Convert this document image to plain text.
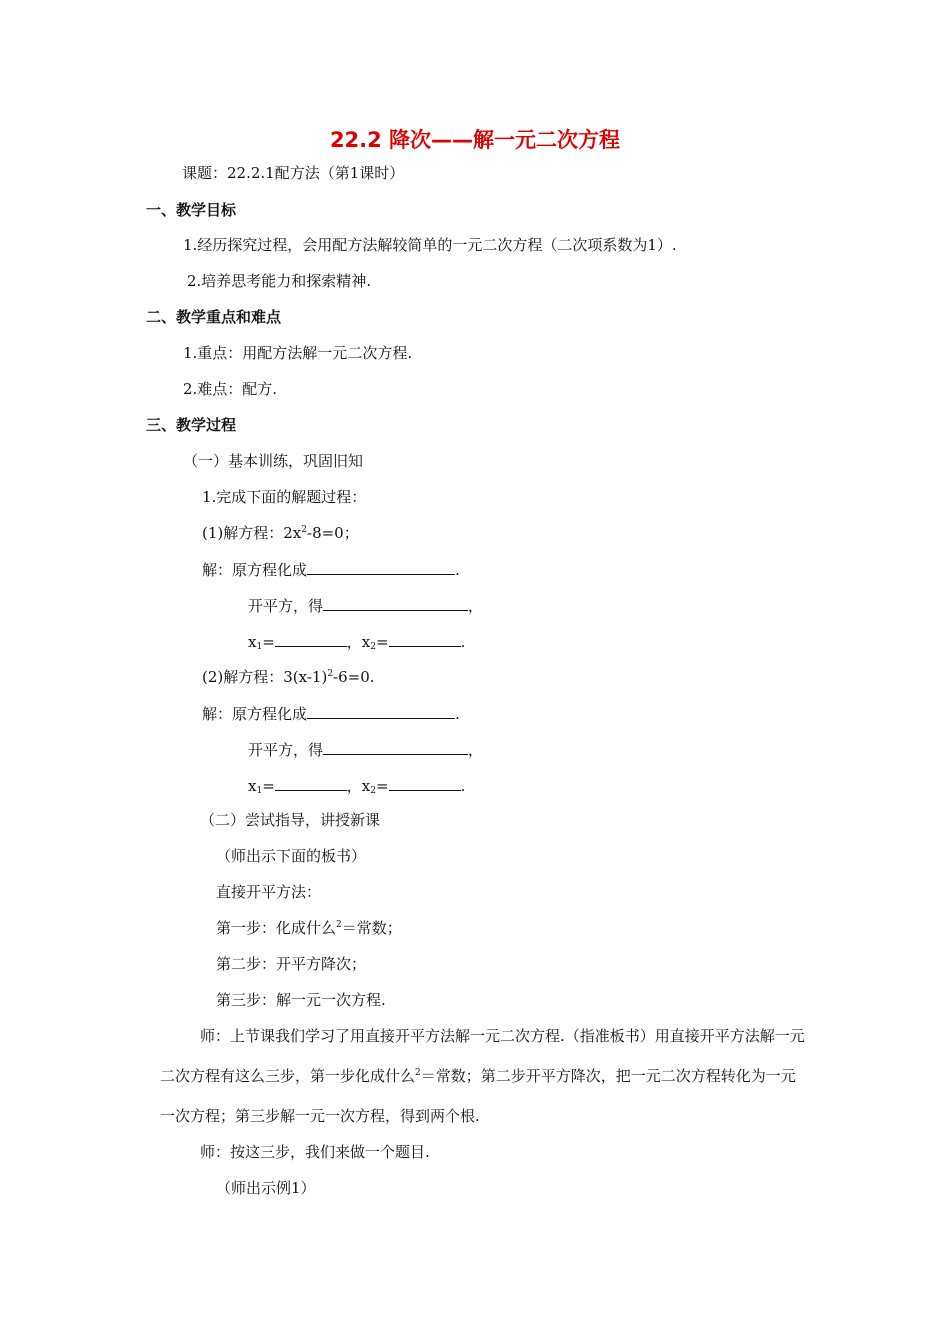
22.2 降次——解一元二次方程
课题：22.2.1配方法（第1课时）
一、教学目标
1.经历探究过程，会用配方法解较简单的一元二次方程（二次项系数为1）.
2.培养思考能力和探索精神.
二、教学重点和难点
1.重点：用配方法解一元二次方程.
2.难点：配方.
三、教学过程
（一）基本训练，巩固旧知
1.完成下面的解题过程：
(1)解方程：$2x^2-8=0$；
解：原方程化成	.
开平方，得	，
$x_1=$	，$x_2=$	.
(2)解方程：$3(x-1)^2-6=0$.
解：原方程化成	.
开平方，得	，
$x_1=$	，$x_2=$	.
（二）尝试指导，讲授新课
（师出示下面的板书）
直接开平方法：
第一步：化成什么$^2$＝常数；
第二步：开平方降次；
第三步：解一元一次方程.
师：上节课我们学习了用直接开平方法解一元二次方程.（指准板书）用直接开平方法解一元二次方程有这么三步，第一步化成什么$^2$＝常数；第二步开平方降次，把一元二次方程转化为一元一次方程；第三步解一元一次方程，得到两个根.
师：按这三步，我们来做一个题目.
（师出示例1）
